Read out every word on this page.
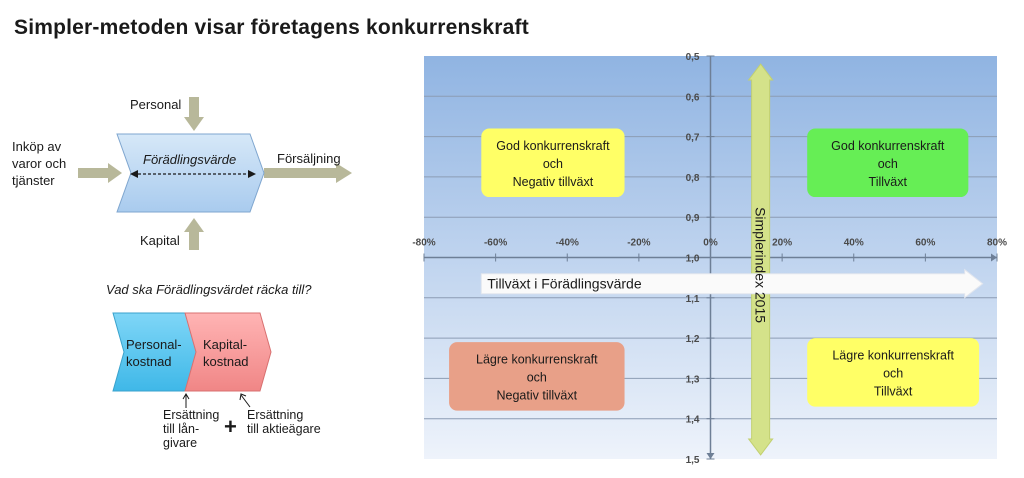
Simpler-metoden visar företagens konkurrenskraft
Personal
Inköp av
varor och
tjänster
Kapital
Förädlingsvärde	Försäljning
Vad ska Förädlingsvärdet räcka till?
Personal-
kostnad
Kapital-
kostnad
Ersättning
till lån-
givare
+ Ersättning
till aktieägare
0,5
0,6
0,7
0,8
0,9
1,0
1,1
1,2
1,3
1,4
1,5
-80%	-60%	-40%	-20%	0%	20%	40%	60%	80%
Tillväxt i Förädlingsvärde	Simplerindex 2015
God konkurrenskraft
och
Negativ tillväxt
God konkurrenskraft
och
Tillväxt
Lägre konkurrenskraft
och
Negativ tillväxt
Lägre konkurrenskraft
och
Tillväxt
